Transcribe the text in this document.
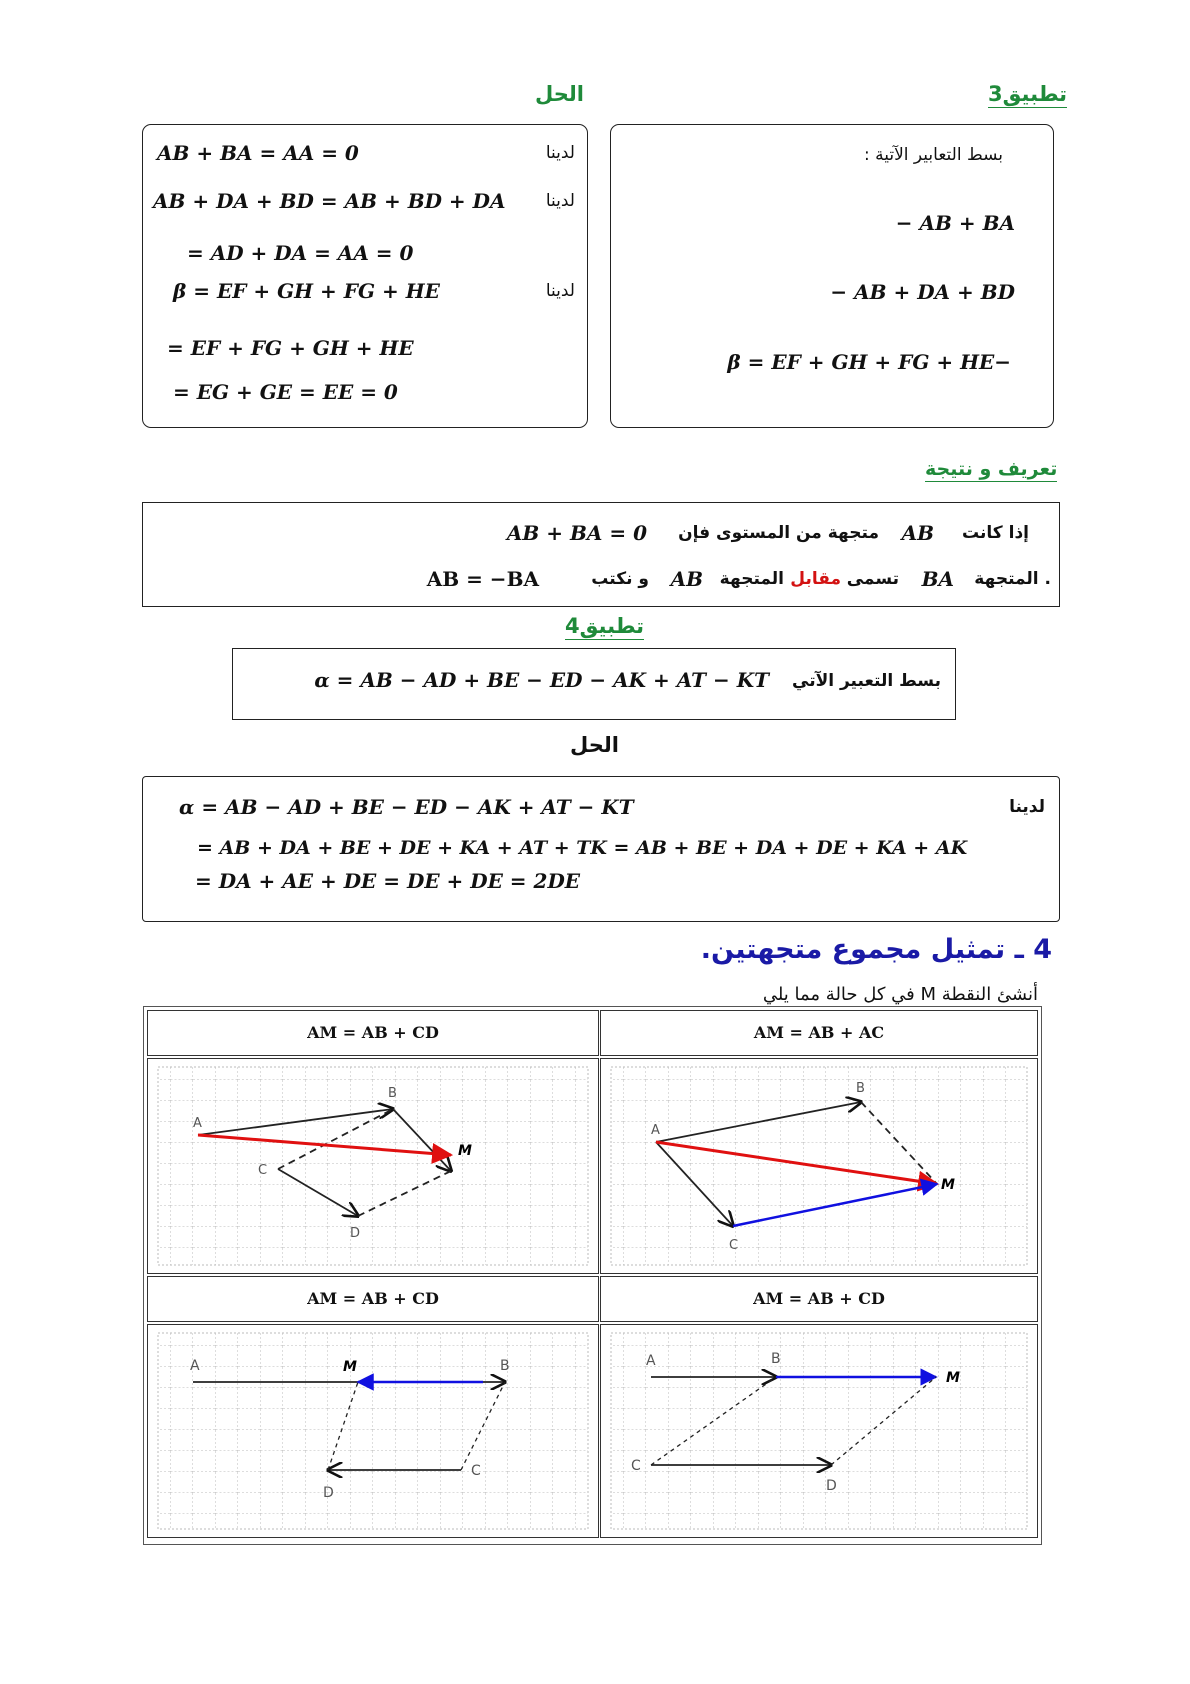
تطبيق3
الحل
بسط التعابير الآتية :
− AB + BA
− AB + DA + BD
β = EF + GH + FG + HE−
لدينا
AB + BA = AA = 0
لدينا
AB + DA + BD = AB + BD + DA
= AD + DA = AA = 0
لدينا
β = EF + GH + FG + HE
= EF + FG + GH + HE
= EG + GE = EE = 0
تعريف و نتيجة
إذا كانت
AB
متجهة من المستوى فإن
AB + BA = 0
. المتجهة
BA
تسمى
مقابل
المتجهة
AB
و نكتب
AB = −BA
تطبيق4
بسط التعبير الآتي
α = AB − AD + BE − ED − AK + AT − KT
الحل
لدينا
α = AB − AD + BE − ED − AK + AT − KT
= AB + DA + BE + DE + KA + AT + TK = AB + BE + DA + DE + KA + AK
= DA + AE + DE = DE + DE = 2DE
4 ـ تمثيل مجموع متجهتين.
أنشئ النقطة M في كل حالة مما يلي
AM = AB + AC
AM = AB + CD
AM = AB + CD
AM = AB + CD
A
B
C
M
A
B
C
D
M
A	B
C
D
M
A	B
C
D
M
